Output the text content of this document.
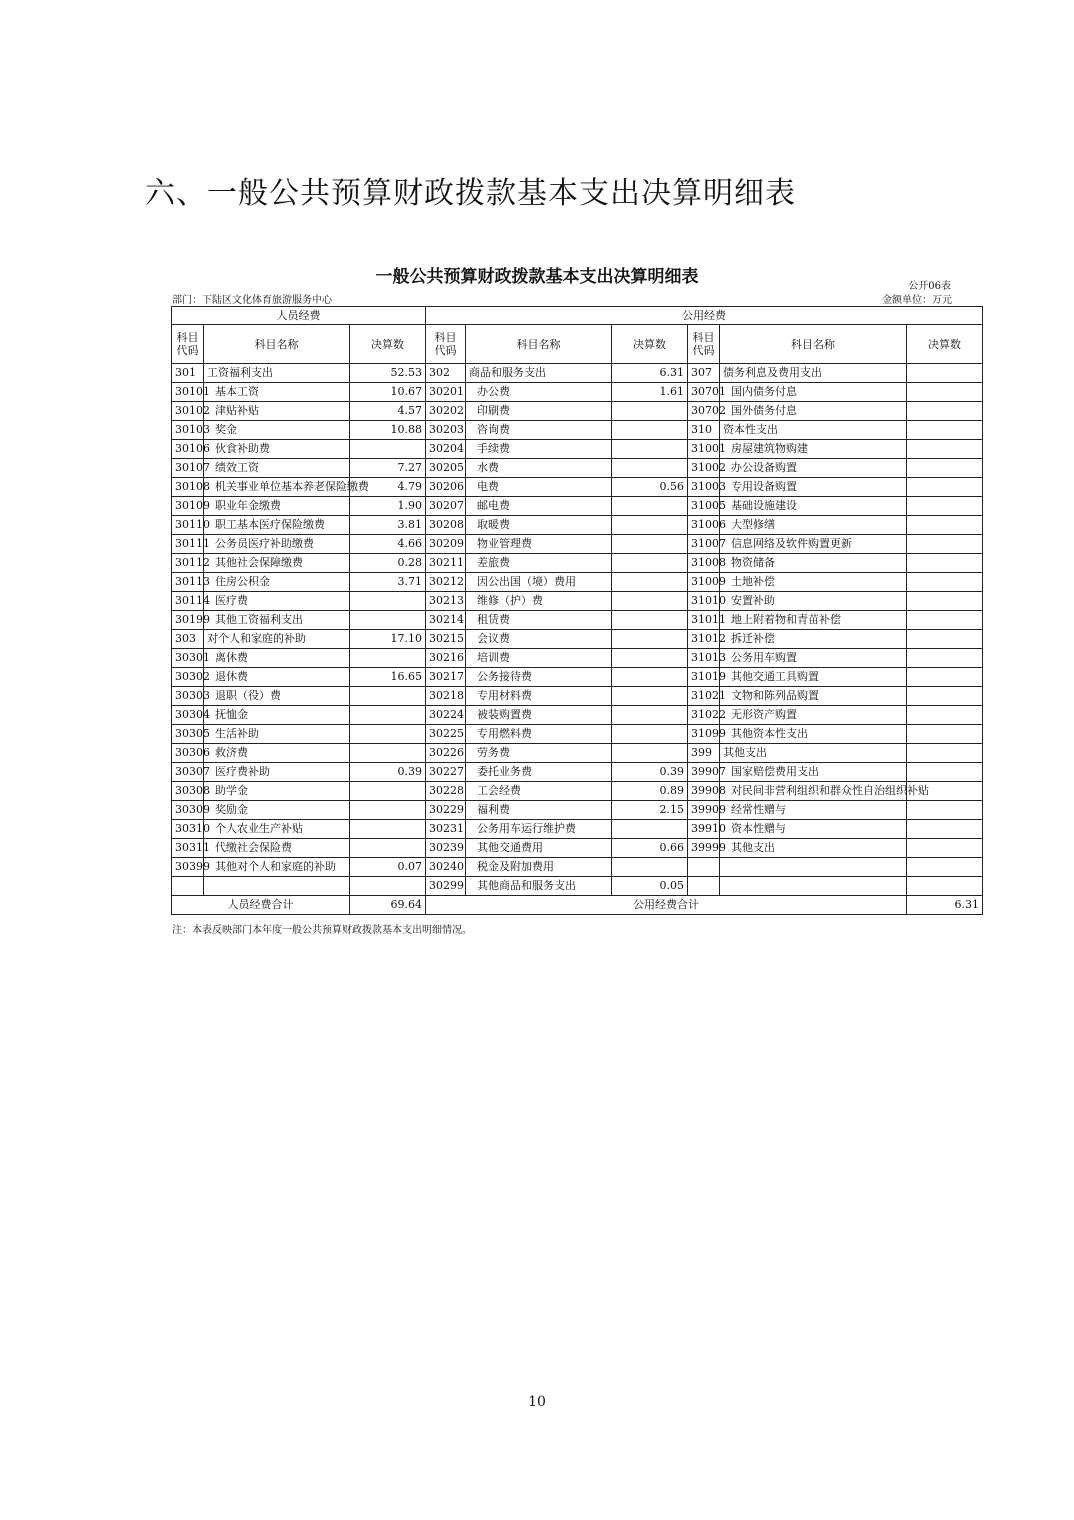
六、一般公共预算财政拨款基本支出决算明细表
一般公共预算财政拨款基本支出决算明细表	公开06表
部门：下陆区文化体育旅游服务中心	金额单位：万元
人员经费			公用经费					
科目
代码	科目名称	决算数	科目
代码	科目名称	决算数	科目
代码	科目名称	决算数
301	工资福利支出	52.53	302	商品和服务支出	6.31	307	债务利息及费用支出	
30101	基本工资	10.67	30201	办公费	1.61	30701	国内债务付息	
30102	津贴补贴	4.57	30202	印刷费		30702	国外债务付息	
30103	奖金	10.88	30203	咨询费		310	资本性支出	
30106	伙食补助费		30204	手续费		31001	房屋建筑物购建	
30107	绩效工资	7.27	30205	水费		31002	办公设备购置	
30108	机关事业单位基本养老保险缴费	4.79	30206	电费	0.56	31003	专用设备购置	
30109	职业年金缴费	1.90	30207	邮电费		31005	基础设施建设	
30110	职工基本医疗保险缴费	3.81	30208	取暖费		31006	大型修缮	
30111	公务员医疗补助缴费	4.66	30209	物业管理费		31007	信息网络及软件购置更新	
30112	其他社会保障缴费	0.28	30211	差旅费		31008	物资储备	
30113	住房公积金	3.71	30212	因公出国（境）费用		31009	土地补偿	
30114	医疗费		30213	维修（护）费		31010	安置补助	
30199	其他工资福利支出		30214	租赁费		31011	地上附着物和青苗补偿	
303	对个人和家庭的补助	17.10	30215	会议费		31012	拆迁补偿	
30301	离休费		30216	培训费		31013	公务用车购置	
30302	退休费	16.65	30217	公务接待费		31019	其他交通工具购置	
30303	退职（役）费		30218	专用材料费		31021	文物和陈列品购置	
30304	抚恤金		30224	被装购置费		31022	无形资产购置	
30305	生活补助		30225	专用燃料费		31099	其他资本性支出	
30306	救济费		30226	劳务费		399	其他支出	
30307	医疗费补助	0.39	30227	委托业务费	0.39	39907	国家赔偿费用支出	
30308	助学金		30228	工会经费	0.89	39908	对民间非营利组织和群众性自治组织补贴	
30309	奖励金		30229	福利费	2.15	39909	经常性赠与	
30310	个人农业生产补贴		30231	公务用车运行维护费		39910	资本性赠与	
30311	代缴社会保险费		30239	其他交通费用	0.66	39999	其他支出	
30399	其他对个人和家庭的补助	0.07	30240	税金及附加费用				
			30299	其他商品和服务支出	0.05			
人员经费合计		69.64	公用经费合计					6.31
注：本表反映部门本年度一般公共预算财政拨款基本支出明细情况。
10
